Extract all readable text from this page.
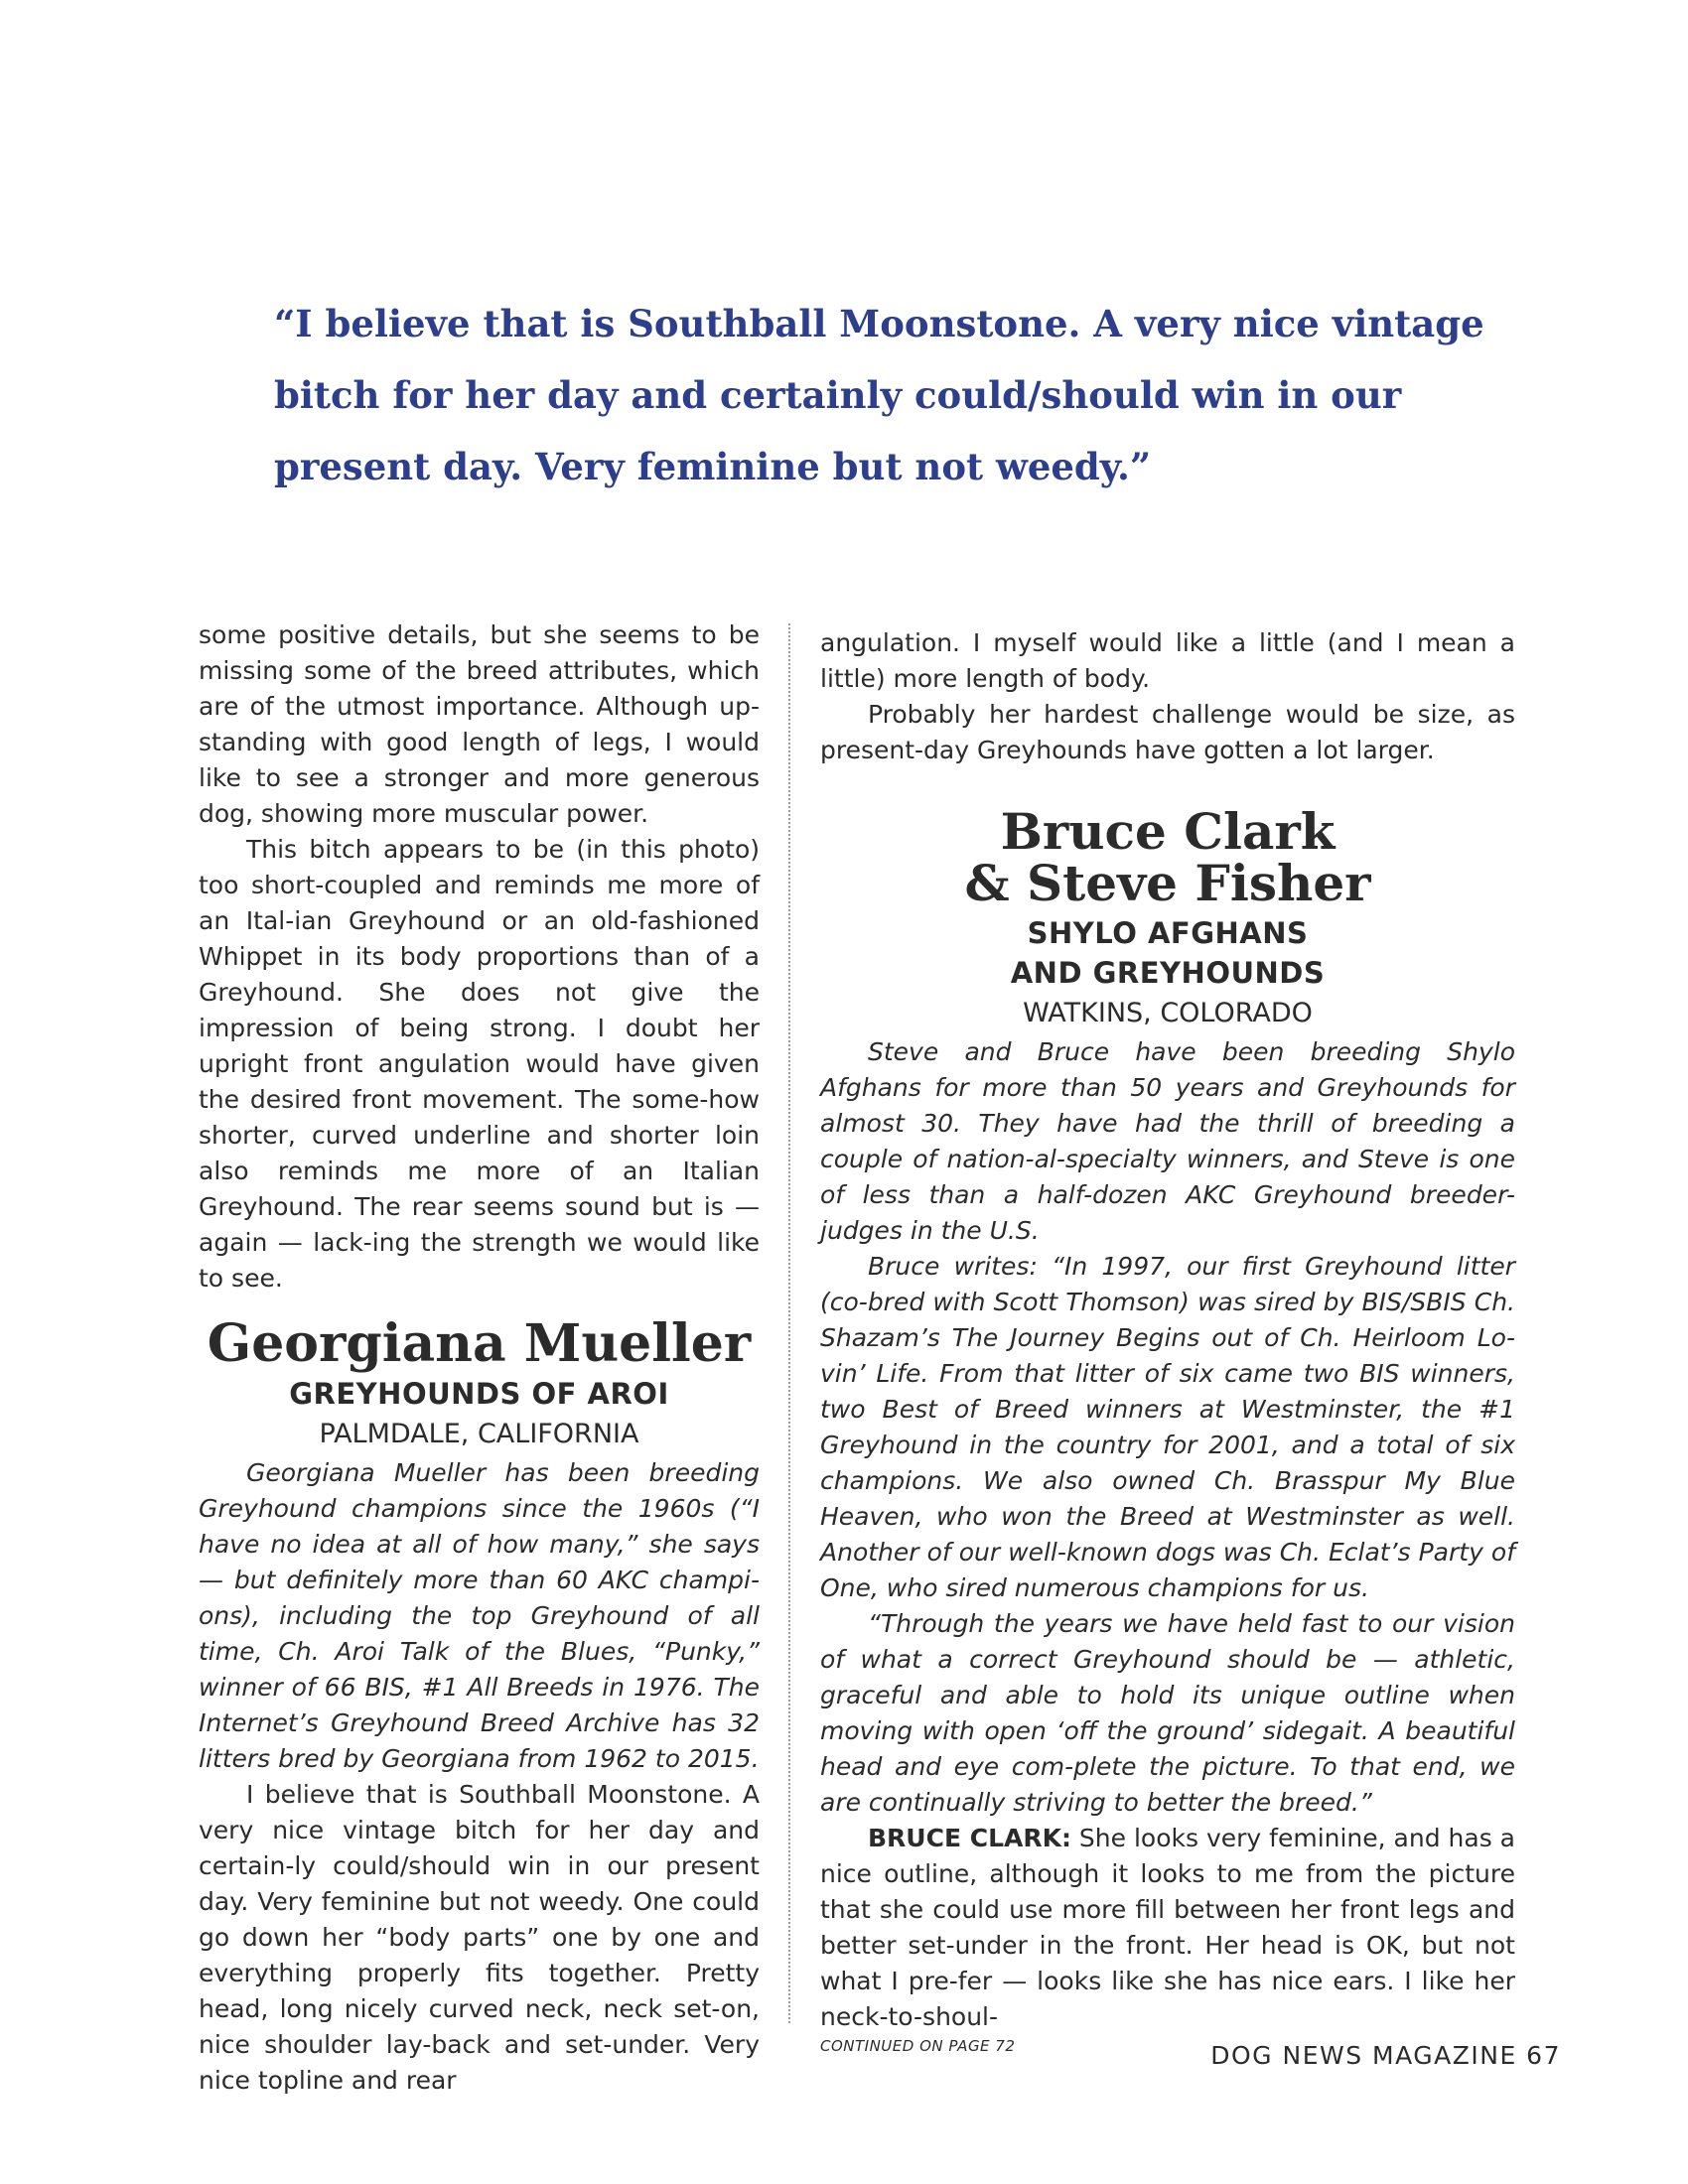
“I believe that is Southball Moonstone. A very nice vintage bitch for her day and certainly could/should win in our present day. Very feminine but not weedy.”

some positive details, but she seems to be missing some of the breed attributes, which are of the utmost importance. Although up-standing with good length of legs, I would like to see a stronger and more generous dog, showing more muscular power.

This bitch appears to be (in this photo) too short-coupled and reminds me more of an Ital-ian Greyhound or an old-fashioned Whippet in its body proportions than of a Greyhound. She does not give the impression of being strong. I doubt her upright front angulation would have given the desired front movement. The some-how shorter, curved underline and shorter loin also reminds me more of an Italian Greyhound. The rear seems sound but is — again — lack-ing the strength we would like to see.

Georgiana Mueller
GREYHOUNDS OF AROI
PALMDALE, CALIFORNIA

Georgiana Mueller has been breeding Greyhound champions since the 1960s (“I have no idea at all of how many,” she says — but definitely more than 60 AKC champi-ons), including the top Greyhound of all time, Ch. Aroi Talk of the Blues, “Punky,” winner of 66 BIS, #1 All Breeds in 1976. The Internet’s Greyhound Breed Archive has 32 litters bred by Georgiana from 1962 to 2015.

I believe that is Southball Moonstone. A very nice vintage bitch for her day and certain-ly could/should win in our present day. Very feminine but not weedy. One could go down her “body parts” one by one and everything properly fits together. Pretty head, long nicely curved neck, neck set-on, nice shoulder lay-back and set-under. Very nice topline and rear

angulation. I myself would like a little (and I mean a little) more length of body.

Probably her hardest challenge would be size, as present-day Greyhounds have gotten a lot larger.

Bruce Clark
& Steve Fisher
SHYLO AFGHANS
AND GREYHOUNDS
WATKINS, COLORADO

Steve and Bruce have been breeding Shylo Afghans for more than 50 years and Greyhounds for almost 30. They have had the thrill of breeding a couple of nation-al-specialty winners, and Steve is one of less than a half-dozen AKC Greyhound breeder-judges in the U.S.

Bruce writes: “In 1997, our first Greyhound litter (co-bred with Scott Thomson) was sired by BIS/SBIS Ch. Shazam’s The Journey Begins out of Ch. Heirloom Lo-vin’ Life. From that litter of six came two BIS winners, two Best of Breed winners at Westminster, the #1 Greyhound in the country for 2001, and a total of six champions. We also owned Ch. Brasspur My Blue Heaven, who won the Breed at Westminster as well. Another of our well-known dogs was Ch. Eclat’s Party of One, who sired numerous champions for us.

“Through the years we have held fast to our vision of what a correct Greyhound should be — athletic, graceful and able to hold its unique outline when moving with open ‘off the ground’ sidegait. A beautiful head and eye com-plete the picture. To that end, we are continually striving to better the breed.”

BRUCE CLARK: She looks very feminine, and has a nice outline, although it looks to me from the picture that she could use more fill between her front legs and better set-under in the front. Her head is OK, but not what I pre-fer — looks like she has nice ears. I like her neck-to-shoul-

CONTINUED ON PAGE 72	DOG NEWS MAGAZINE 67
